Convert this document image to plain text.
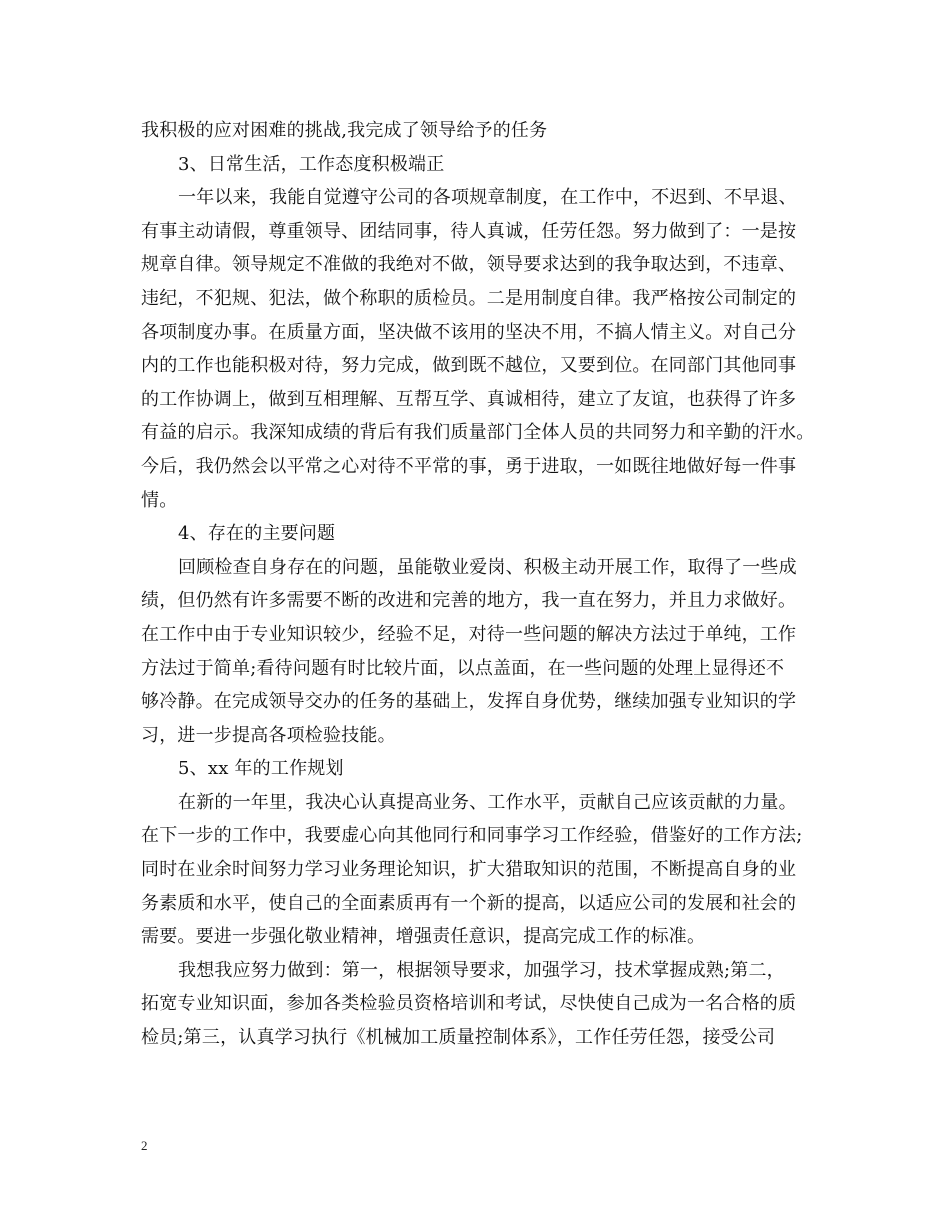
我积极的应对困难的挑战,我完成了领导给予的任务
3、日常生活，工作态度积极端正
一年以来，我能自觉遵守公司的各项规章制度，在工作中，不迟到、不早退、
有事主动请假，尊重领导、团结同事，待人真诚，任劳任怨。努力做到了：一是按
规章自律。领导规定不准做的我绝对不做，领导要求达到的我争取达到，不违章、
违纪，不犯规、犯法，做个称职的质检员。二是用制度自律。我严格按公司制定的
各项制度办事。在质量方面，坚决做不该用的坚决不用，不搞人情主义。对自己分
内的工作也能积极对待，努力完成，做到既不越位，又要到位。在同部门其他同事
的工作协调上，做到互相理解、互帮互学、真诚相待，建立了友谊，也获得了许多
有益的启示。我深知成绩的背后有我们质量部门全体人员的共同努力和辛勤的汗水。
今后，我仍然会以平常之心对待不平常的事，勇于进取，一如既往地做好每一件事
情。
4、存在的主要问题
回顾检查自身存在的问题，虽能敬业爱岗、积极主动开展工作，取得了一些成
绩，但仍然有许多需要不断的改进和完善的地方，我一直在努力，并且力求做好。
在工作中由于专业知识较少，经验不足，对待一些问题的解决方法过于单纯，工作
方法过于简单;看待问题有时比较片面，以点盖面，在一些问题的处理上显得还不
够冷静。在完成领导交办的任务的基础上，发挥自身优势，继续加强专业知识的学
习，进一步提高各项检验技能。
5、xx 年的工作规划
在新的一年里，我决心认真提高业务、工作水平，贡献自己应该贡献的力量。
在下一步的工作中，我要虚心向其他同行和同事学习工作经验，借鉴好的工作方法;
同时在业余时间努力学习业务理论知识，扩大猎取知识的范围，不断提高自身的业
务素质和水平，使自己的全面素质再有一个新的提高，以适应公司的发展和社会的
需要。要进一步强化敬业精神，增强责任意识，提高完成工作的标准。
我想我应努力做到：第一，根据领导要求，加强学习，技术掌握成熟;第二，
拓宽专业知识面，参加各类检验员资格培训和考试，尽快使自己成为一名合格的质
检员;第三，认真学习执行《机械加工质量控制体系》，工作任劳任怨，接受公司
2
